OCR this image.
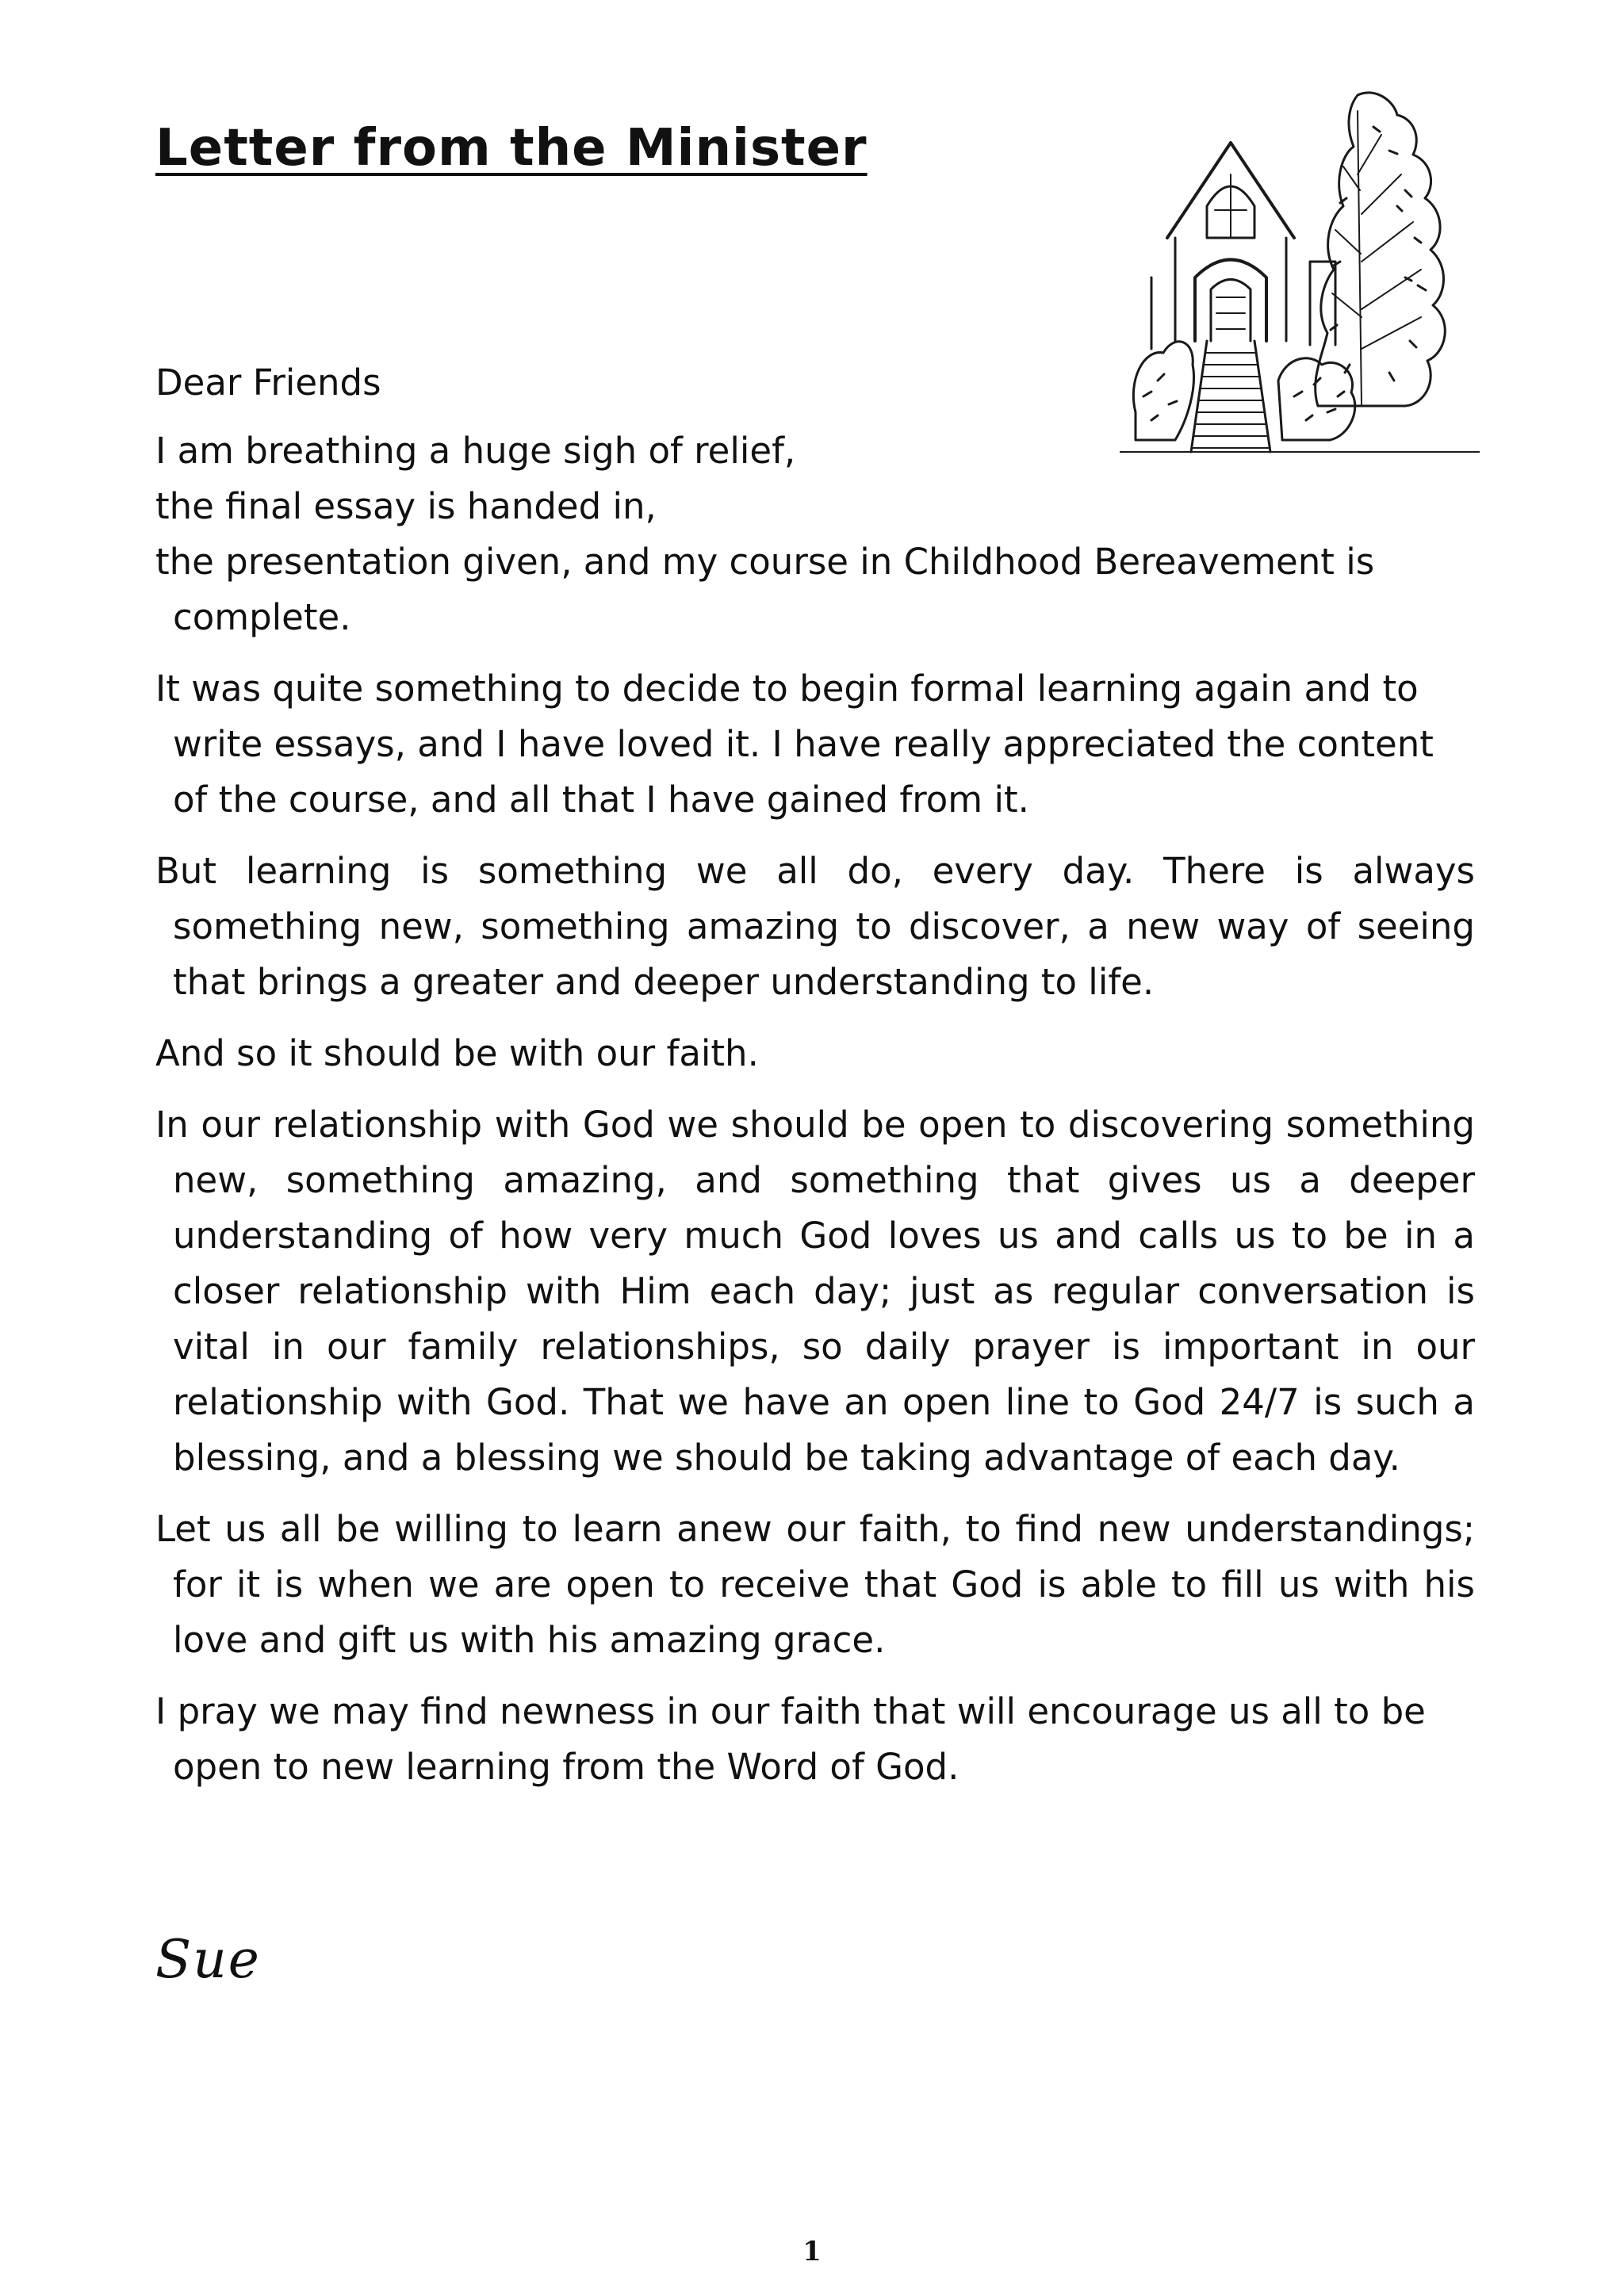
Letter from the Minister

Dear Friends

I am breathing a huge sigh of relief,
the final essay is handed in,
the presentation given, and my course in Childhood Bereavement is complete.

It was quite something to decide to begin formal learning again and to write essays, and I have loved it. I have really appreciated the content of the course, and all that I have gained from it.

But learning is something we all do, every day. There is always something new, something amazing to discover, a new way of seeing that brings a greater and deeper understanding to life.

And so it should be with our faith.

In our relationship with God we should be open to discovering something new, something amazing, and something that gives us a deeper understanding of how very much God loves us and calls us to be in a closer relationship with Him each day; just as regular conversation is vital in our family relationships, so daily prayer is important in our relationship with God. That we have an open line to God 24/7 is such a blessing, and a blessing we should be taking advantage of each day.

Let us all be willing to learn anew our faith, to find new understandings; for it is when we are open to receive that God is able to fill us with his love and gift us with his amazing grace.

I pray we may find newness in our faith that will encourage us all to be open to new learning from the Word of God.

Sue
1
